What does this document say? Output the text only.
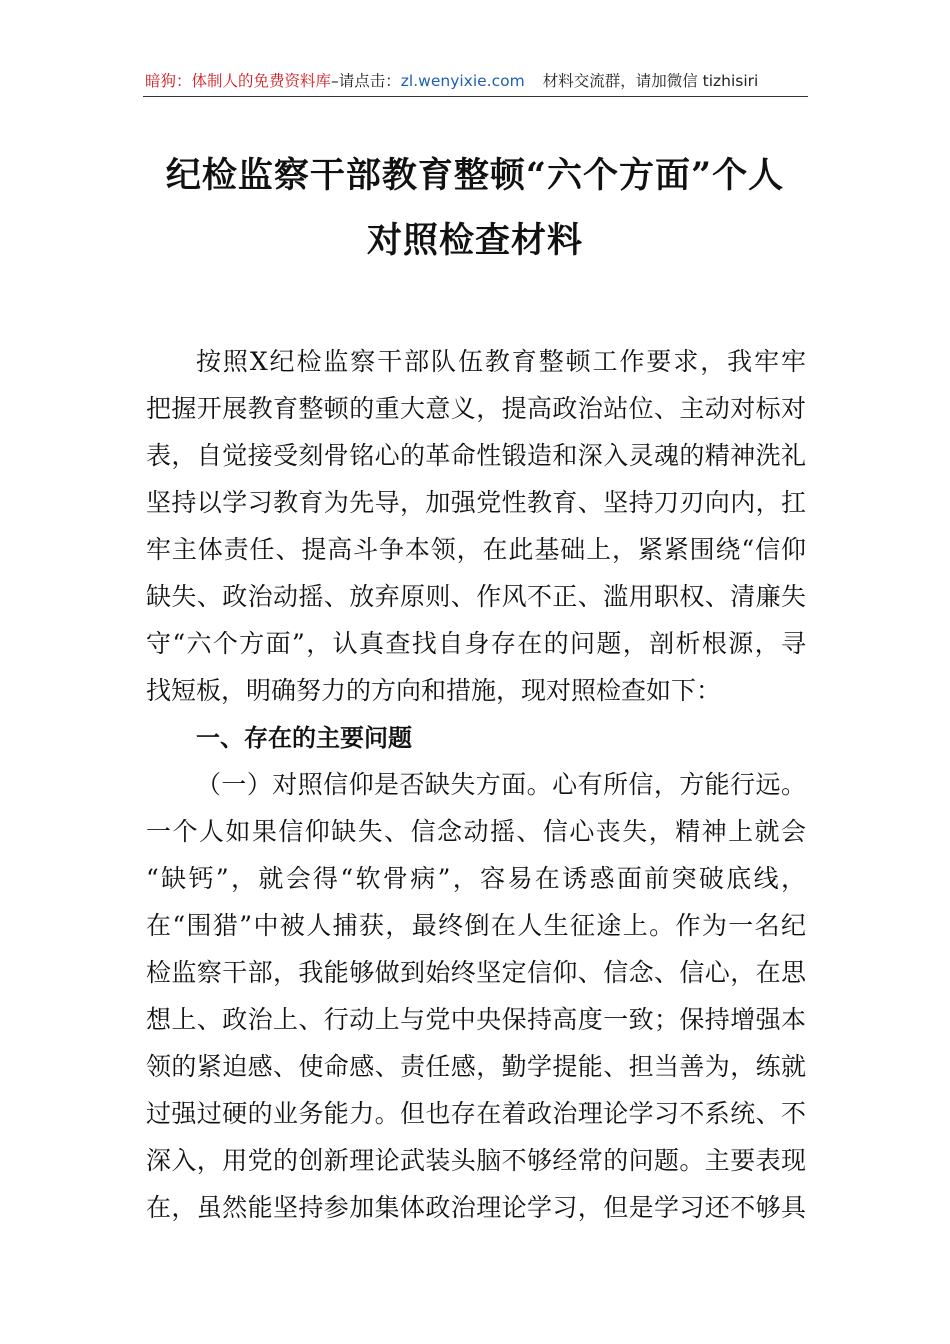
暗狗：体制人的免费资料库–请点击：zl.wenyixie.com 材料交流群，请加微信 tizhisiri
纪检监察干部教育整顿“六个方面”个人
对照检查材料
按照X纪检监察干部队伍教育整顿工作要求，我牢牢
把握开展教育整顿的重大意义，提高政治站位、主动对标对
表，自觉接受刻骨铭心的革命性锻造和深入灵魂的精神洗礼
坚持以学习教育为先导，加强党性教育、坚持刀刃向内，扛
牢主体责任、提高斗争本领，在此基础上，紧紧围绕“信仰
缺失、政治动摇、放弃原则、作风不正、滥用职权、清廉失
守“六个方面”，认真查找自身存在的问题，剖析根源，寻
找短板，明确努力的方向和措施，现对照检查如下：
一、存在的主要问题
（一）对照信仰是否缺失方面。心有所信，方能行远。
一个人如果信仰缺失、信念动摇、信心丧失，精神上就会
“缺钙”，就会得“软骨病”，容易在诱惑面前突破底线，
在“围猎”中被人捕获，最终倒在人生征途上。作为一名纪
检监察干部，我能够做到始终坚定信仰、信念、信心，在思
想上、政治上、行动上与党中央保持高度一致；保持增强本
领的紧迫感、使命感、责任感，勤学提能、担当善为，练就
过强过硬的业务能力。但也存在着政治理论学习不系统、不
深入，用党的创新理论武装头脑不够经常的问题。主要表现
在，虽然能坚持参加集体政治理论学习，但是学习还不够具
